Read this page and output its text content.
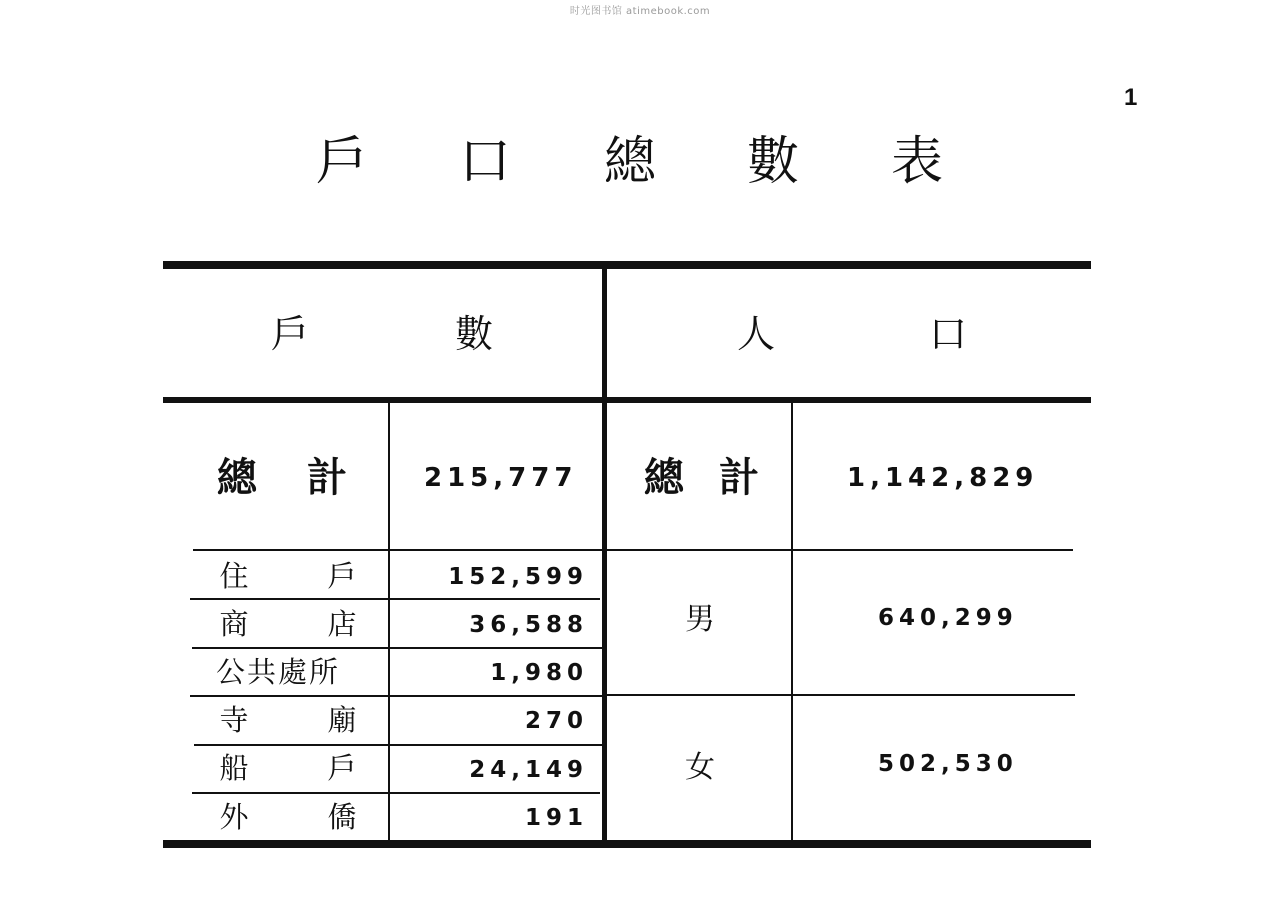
时光图书馆 atimebook.com
1
戶 口 總 數 表
戶	數	人	口
總 計	215,777	總 計	1,142,829
住	戶	152,599
商	店	36,588
公共處所	1,980
寺	廟	270
船	戶	24,149
外	僑	191
男	640,299
女	502,530
